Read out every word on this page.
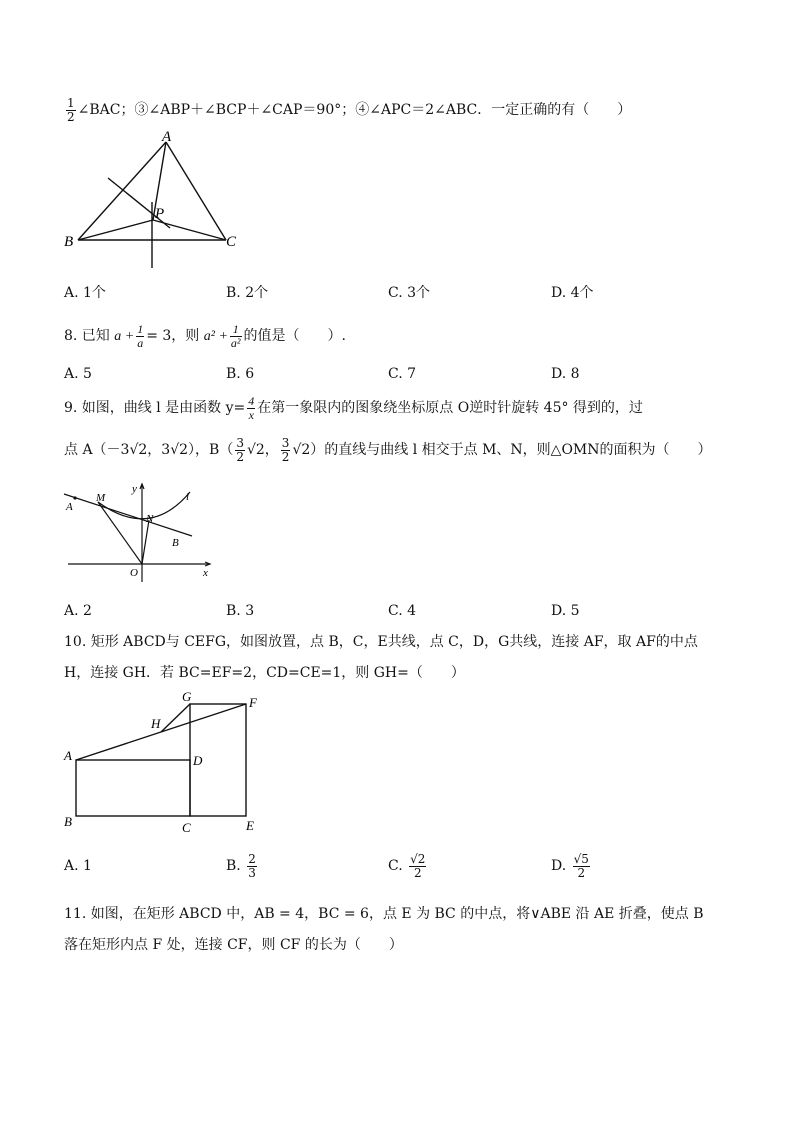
$\frac{1}{2}$ ∠BAC；③∠ABP＋∠BCP＋∠CAP＝90°；④∠APC＝2∠ABC．一定正确的有（　　）
A
B	C
P
A. 1个	B. 2个	C. 3个	D. 4个
8. 已知 $a + \frac{1}{a} = 3$，则 $a^2 + \frac{1}{\text{a²}}$ 的值是（　　）.
A. 5	B. 6	C. 7	D. 8
9. 如图，曲线 l 是由函数 $y= \frac{4}{x}$ 在第一象限内的图象绕坐标原点 O逆时针旋转 45° 得到的，过
点 A（－3√2，3√2），$B( \frac{3}{2} √2$， $\frac{3}{2} √2$）的直线与曲线 l 相交于点 M、N，则△OMN的面积为（　　）
A
M
N
B
O	x
y
l
A. 2	B. 3	C. 4	D. 5
10. 矩形 ABCD与 CEFG，如图放置，点 B，C，E共线，点 C，D，G共线，连接 AF，取 AF的中点
H，连接 GH．若 BC=EF=2，CD=CE=1，则 GH=（　　）
A
B	C
D
E
F
G
H
A. 1	B. $\frac{2}{3}$	C. $\frac{√2}{2}$	D. $\frac{√5}{2}$
11. 如图，在矩形 ABCD 中，AB = 4，BC = 6，点 E 为 BC 的中点，将∨ABE 沿 AE 折叠，使点 B
落在矩形内点 F 处，连接 CF，则 CF 的长为（　　）
